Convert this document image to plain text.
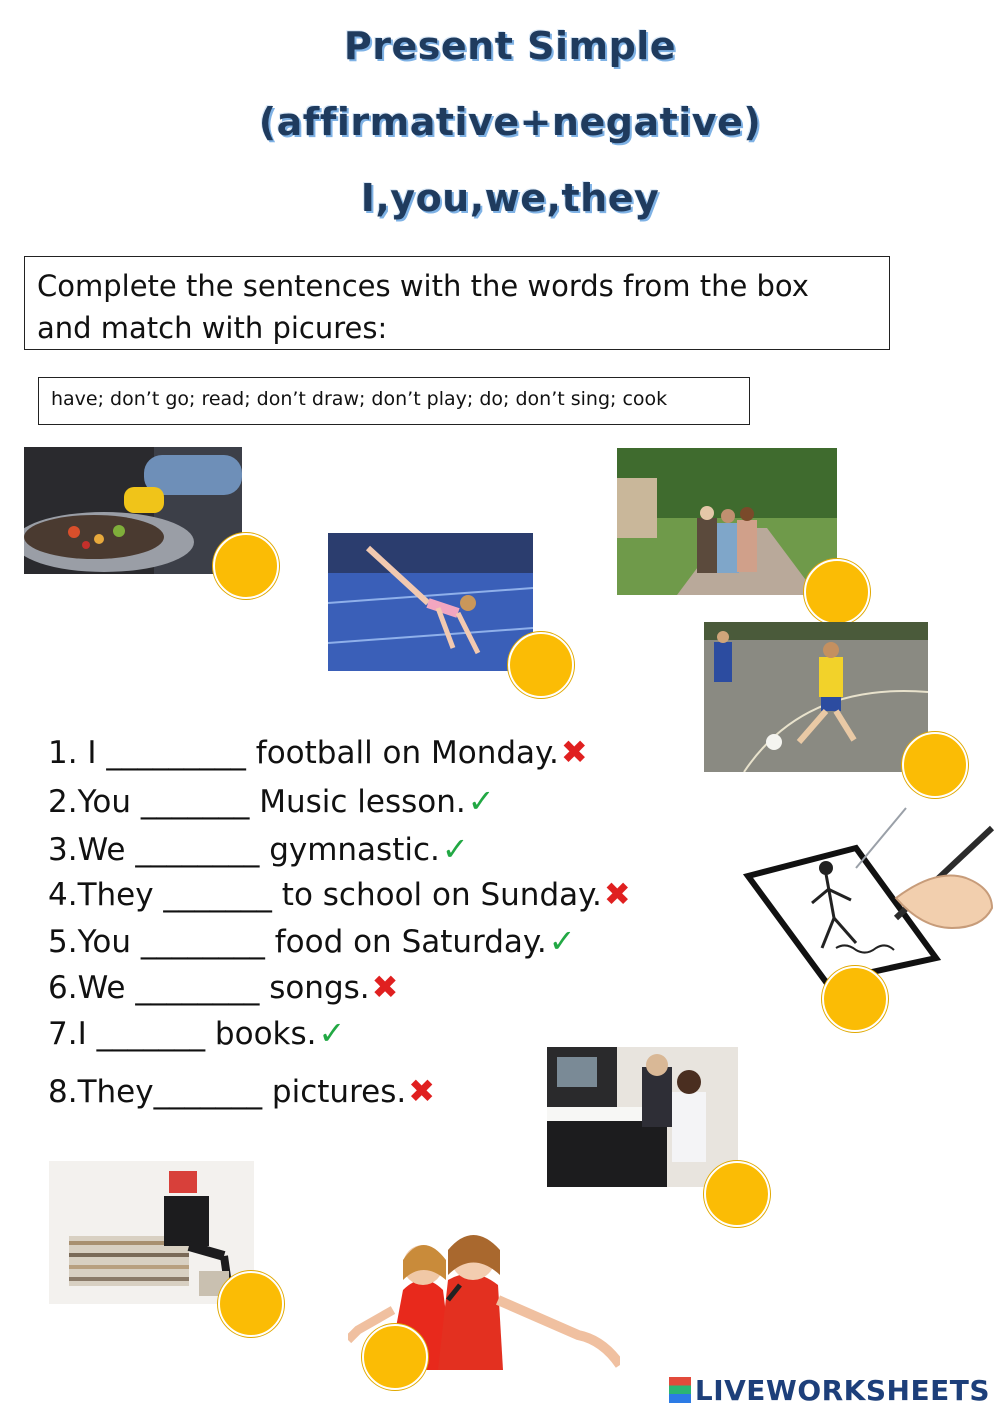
Present Simple
(affirmative+negative)
I,you,we,they
Complete the sentences with the words from the box
and match with picures:
have; don’t go; read; don’t draw; don’t play; do; don’t sing; cook
1. I _________ football on Monday.✖
2.You _______ Music lesson.✓
3.We ________ gymnastic.✓
4.They _______ to school on Sunday.✖
5.You ________ food on Saturday.✓
6.We ________ songs.✖
7.I _______ books.✓
8.They_______ pictures.✖
LIVEWORKSHEETS
